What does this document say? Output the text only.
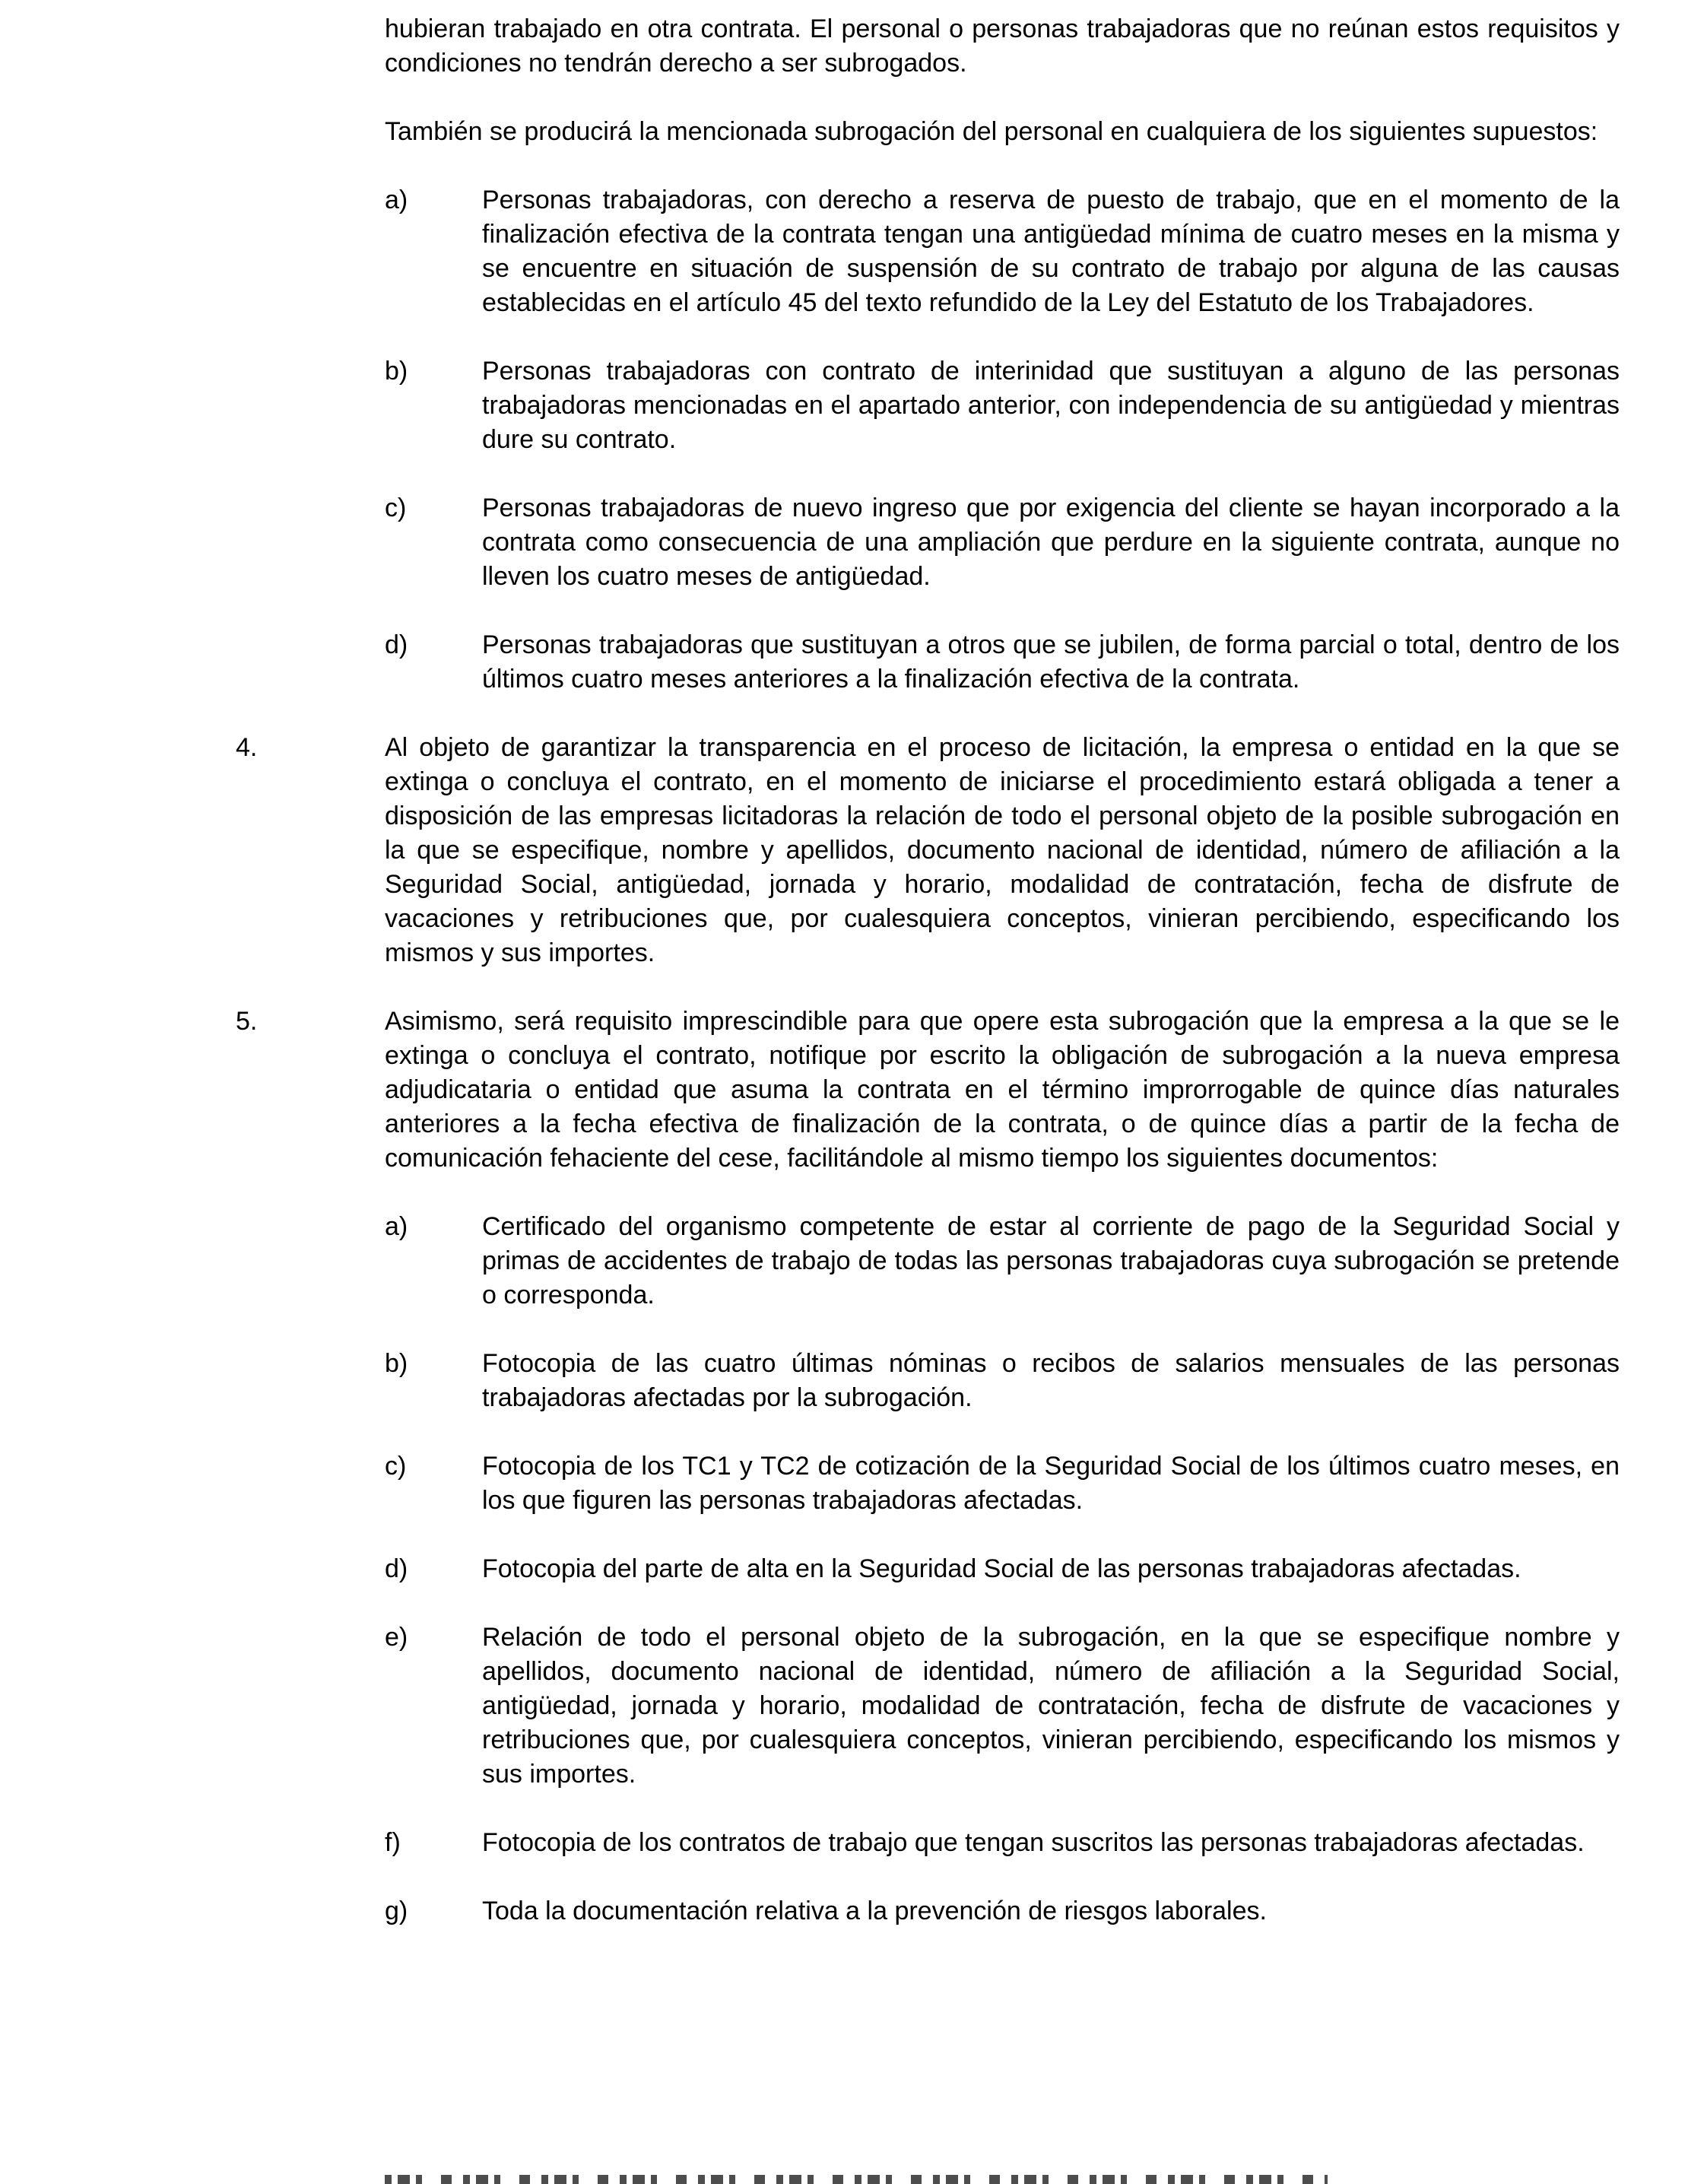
hubieran trabajado en otra contrata. El personal o personas trabajadoras que no reúnan estos requisitos y condiciones no tendrán derecho a ser subrogados.
También se producirá la mencionada subrogación del personal en cualquiera de los siguientes supuestos:
a)	Personas trabajadoras, con derecho a reserva de puesto de trabajo, que en el momento de la finalización efectiva de la contrata tengan una antigüedad mínima de cuatro meses en la misma y se encuentre en situación de suspensión de su contrato de trabajo por alguna de las causas establecidas en el artículo 45 del texto refundido de la Ley del Estatuto de los Trabajadores.
b)	Personas trabajadoras con contrato de interinidad que sustituyan a alguno de las personas trabajadoras mencionadas en el apartado anterior, con independencia de su antigüedad y mientras dure su contrato.
c)	Personas trabajadoras de nuevo ingreso que por exigencia del cliente se hayan incorporado a la contrata como consecuencia de una ampliación que perdure en la siguiente contrata, aunque no lleven los cuatro meses de antigüedad.
d)	Personas trabajadoras que sustituyan a otros que se jubilen, de forma parcial o total, dentro de los últimos cuatro meses anteriores a la finalización efectiva de la contrata.
4.	Al objeto de garantizar la transparencia en el proceso de licitación, la empresa o entidad en la que se extinga o concluya el contrato, en el momento de iniciarse el procedimiento estará obligada a tener a disposición de las empresas licitadoras la relación de todo el personal objeto de la posible subrogación en la que se especifique, nombre y apellidos, documento nacional de identidad, número de afiliación a la Seguridad Social, antigüedad, jornada y horario, modalidad de contratación, fecha de disfrute de vacaciones y retribuciones que, por cualesquiera conceptos, vinieran percibiendo, especificando los mismos y sus importes.
5.	Asimismo, será requisito imprescindible para que opere esta subrogación que la empresa a la que se le extinga o concluya el contrato, notifique por escrito la obligación de subrogación a la nueva empresa adjudicataria o entidad que asuma la contrata en el término improrrogable de quince días naturales anteriores a la fecha efectiva de finalización de la contrata, o de quince días a partir de la fecha de comunicación fehaciente del cese, facilitándole al mismo tiempo los siguientes documentos:
a)	Certificado del organismo competente de estar al corriente de pago de la Seguridad Social y primas de accidentes de trabajo de todas las personas trabajadoras cuya subrogación se pretende o corresponda.
b)	Fotocopia de las cuatro últimas nóminas o recibos de salarios mensuales de las personas trabajadoras afectadas por la subrogación.
c)	Fotocopia de los TC1 y TC2 de cotización de la Seguridad Social de los últimos cuatro meses, en los que figuren las personas trabajadoras afectadas.
d)	Fotocopia del parte de alta en la Seguridad Social de las personas trabajadoras afectadas.
e)	Relación de todo el personal objeto de la subrogación, en la que se especifique nombre y apellidos, documento nacional de identidad, número de afiliación a la Seguridad Social, antigüedad, jornada y horario, modalidad de contratación, fecha de disfrute de vacaciones y retribuciones que, por cualesquiera conceptos, vinieran percibiendo, especificando los mismos y sus importes.
f)	Fotocopia de los contratos de trabajo que tengan suscritos las personas trabajadoras afectadas.
g)	Toda la documentación relativa a la prevención de riesgos laborales.
